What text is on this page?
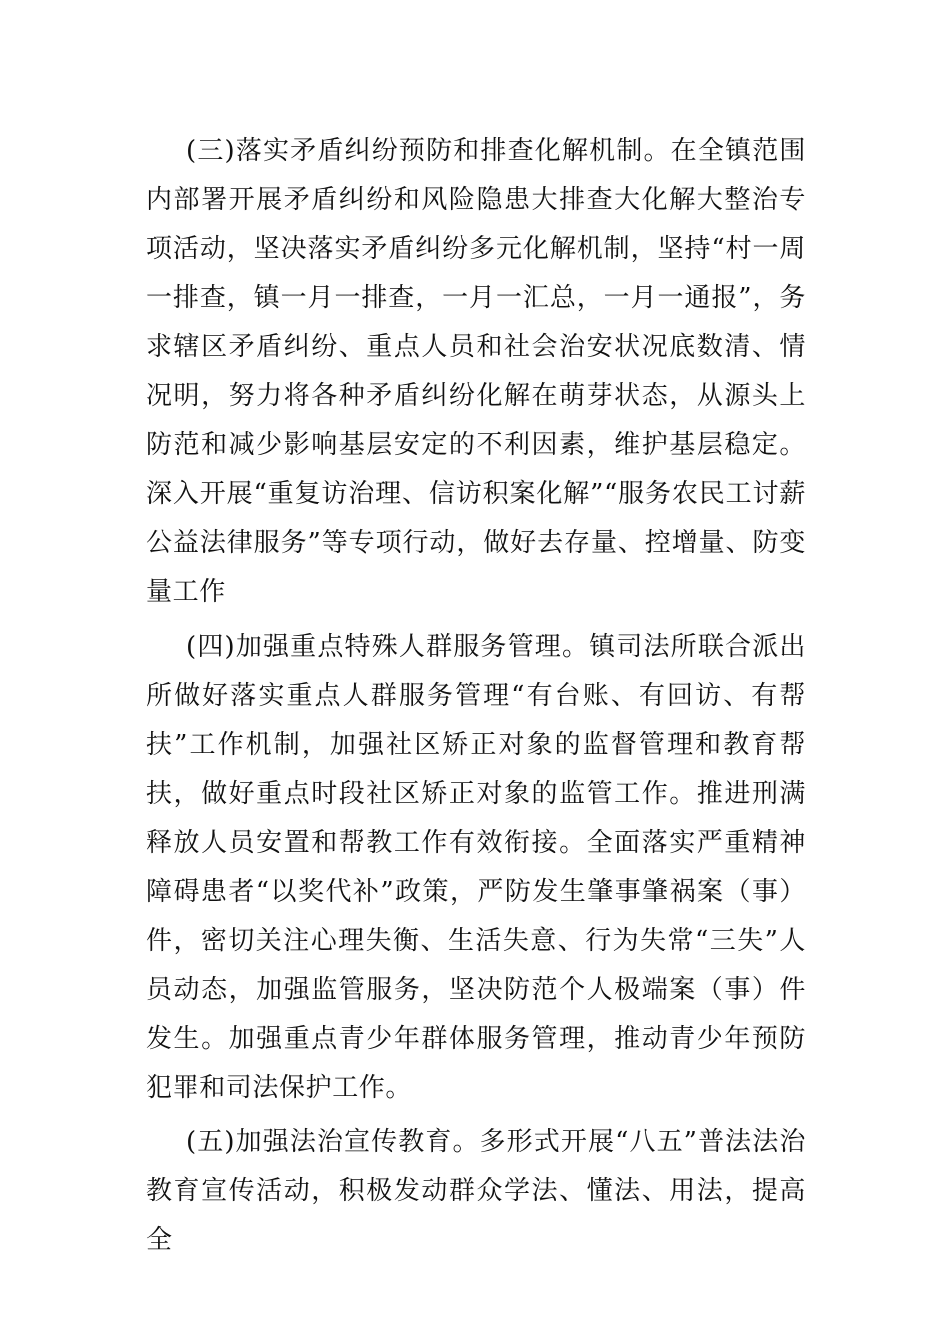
(三)落实矛盾纠纷预防和排查化解机制。在全镇范围内部署开展矛盾纠纷和风险隐患大排查大化解大整治专项活动，坚决落实矛盾纠纷多元化解机制，坚持“村一周一排查，镇一月一排查，一月一汇总，一月一通报”，务求辖区矛盾纠纷、重点人员和社会治安状况底数清、情况明，努力将各种矛盾纠纷化解在萌芽状态，从源头上防范和减少影响基层安定的不利因素，维护基层稳定。深入开展“重复访治理、信访积案化解”“服务农民工讨薪公益法律服务”等专项行动，做好去存量、控增量、防变量工作

(四)加强重点特殊人群服务管理。镇司法所联合派出所做好落实重点人群服务管理“有台账、有回访、有帮扶”工作机制，加强社区矫正对象的监督管理和教育帮扶，做好重点时段社区矫正对象的监管工作。推进刑满释放人员安置和帮教工作有效衔接。全面落实严重精神障碍患者“以奖代补”政策，严防发生肇事肇祸案（事）件，密切关注心理失衡、生活失意、行为失常“三失”人员动态，加强监管服务，坚决防范个人极端案（事）件发生。加强重点青少年群体服务管理，推动青少年预防犯罪和司法保护工作。

(五)加强法治宣传教育。多形式开展“八五”普法法治教育宣传活动，积极发动群众学法、懂法、用法，提高全
